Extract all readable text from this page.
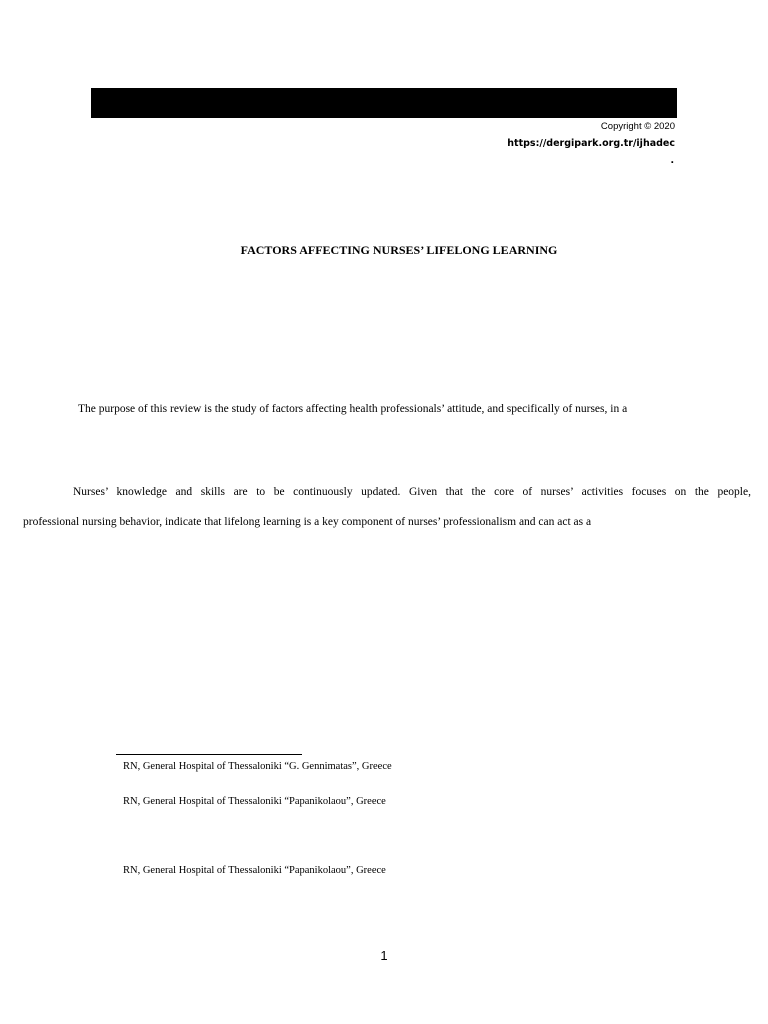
Copyright © 2020
https://dergipark.org.tr/ijhadec
.
FACTORS AFFECTING NURSES’ LIFELONG LEARNING
The purpose of this review is the study of factors affecting health professionals’ attitude, and specifically of nurses, in a
Nurses’ knowledge and skills are to be continuously updated. Given that the core of nurses’ activities focuses on the people,
professional nursing behavior, indicate that lifelong learning is a key component of nurses’ professionalism and can act as a
RN, General Hospital of Thessaloniki “G. Gennimatas”, Greece
RN, General Hospital of Thessaloniki “Papanikolaou”, Greece
RN, General Hospital of Thessaloniki “Papanikolaou”, Greece
1
